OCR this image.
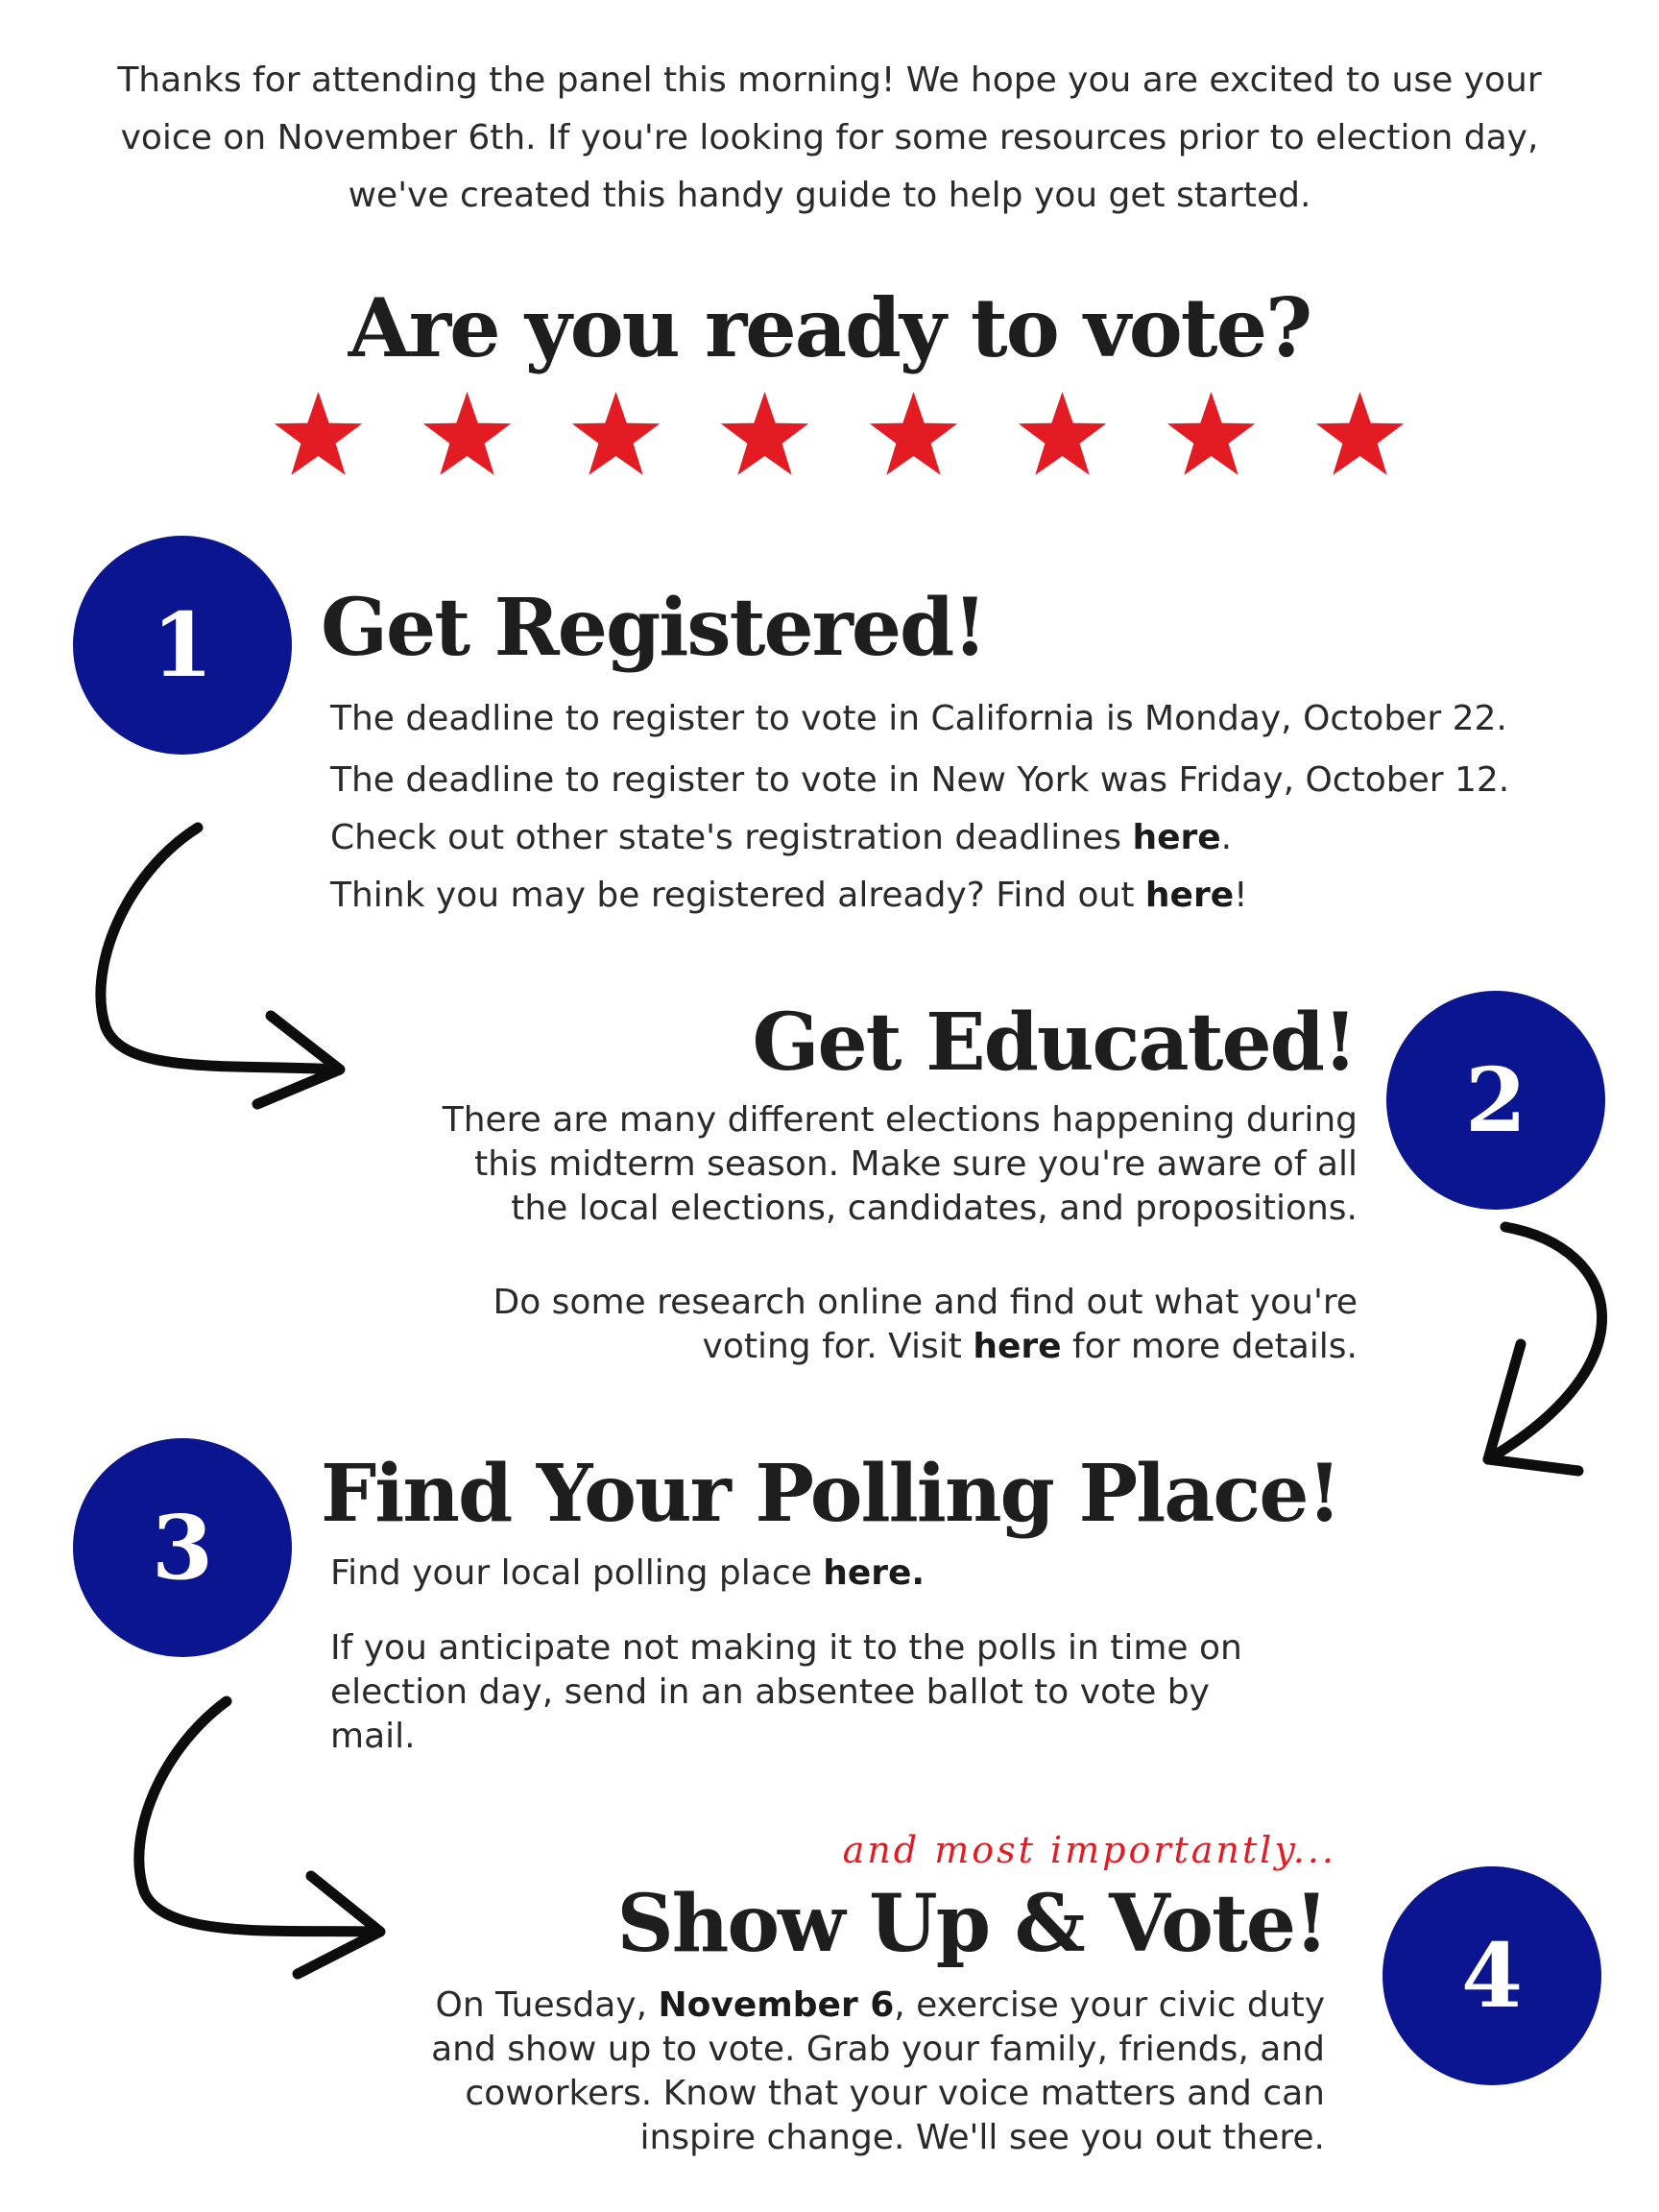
Thanks for attending the panel this morning! We hope you are excited to use your

voice on November 6th. If you're looking for some resources prior to election day,

we've created this handy guide to help you get started.

Are you ready to vote?
1	Get Registered!

The deadline to register to vote in California is Monday, October 22.

The deadline to register to vote in New York was Friday, October 12.

Check out other state's registration deadlines here.

Think you may be registered already? Find out here!

Get Educated!
2

There are many different elections happening during

this midterm season. Make sure you're aware of all

the local elections, candidates, and propositions.

Do some research online and find out what you're

voting for. Visit here for more details.

3
Find Your Polling Place!

Find your local polling place here.

If you anticipate not making it to the polls in time on

election day, send in an absentee ballot to vote by

mail.

and most importantly...
Show Up & Vote!	4

On Tuesday, November 6, exercise your civic duty

and show up to vote. Grab your family, friends, and

coworkers. Know that your voice matters and can

inspire change. We'll see you out there.
